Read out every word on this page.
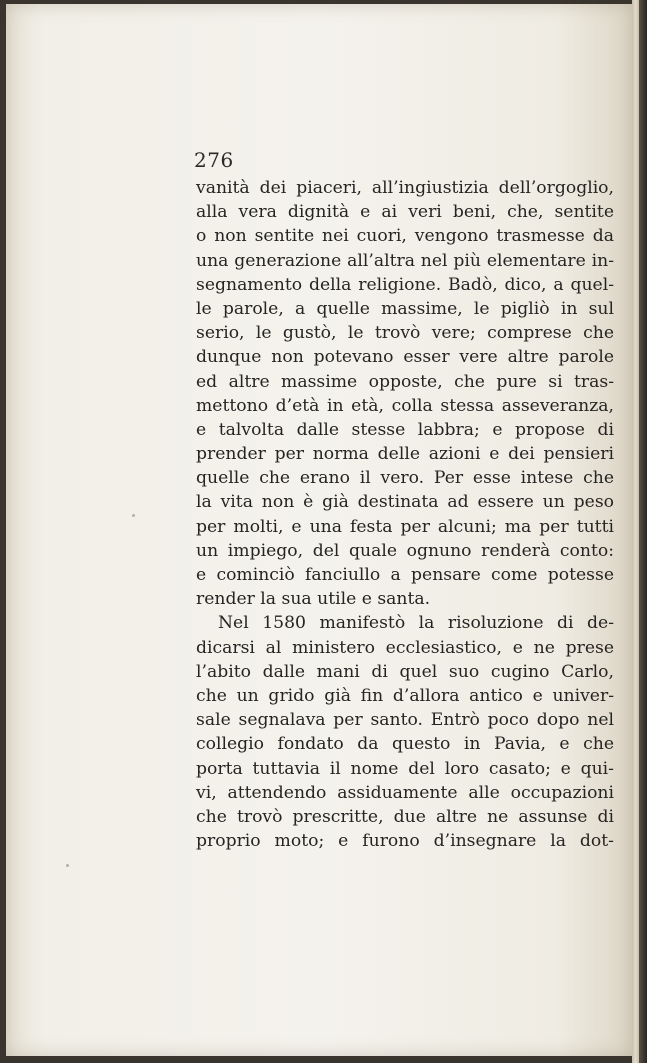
276
vanità dei piaceri, all’ingiustizia dell’orgoglio,
alla vera dignità e ai veri beni, che, sentite
o non sentite nei cuori, vengono trasmesse da
una generazione all’altra nel più elementare in-
segnamento della religione. Badò, dico, a quel-
le parole, a quelle massime, le pigliò in sul
serio, le gustò, le trovò vere; comprese che
dunque non potevano esser vere altre parole
ed altre massime opposte, che pure si tras-
mettono d’età in età, colla stessa asseveranza,
e talvolta dalle stesse labbra; e propose di
prender per norma delle azioni e dei pensieri
quelle che erano il vero. Per esse intese che
la vita non è già destinata ad essere un peso
per molti, e una festa per alcuni; ma per tutti
un impiego, del quale ognuno renderà conto:
e cominciò fanciullo a pensare come potesse
render la sua utile e santa.
Nel 1580 manifestò la risoluzione di de-
dicarsi al ministero ecclesiastico, e ne prese
l’abito dalle mani di quel suo cugino Carlo,
che un grido già fin d’allora antico e univer-
sale segnalava per santo. Entrò poco dopo nel
collegio fondato da questo in Pavia, e che
porta tuttavia il nome del loro casato; e qui-
vi, attendendo assiduamente alle occupazioni
che trovò prescritte, due altre ne assunse di
proprio moto; e furono d’insegnare la dot-
